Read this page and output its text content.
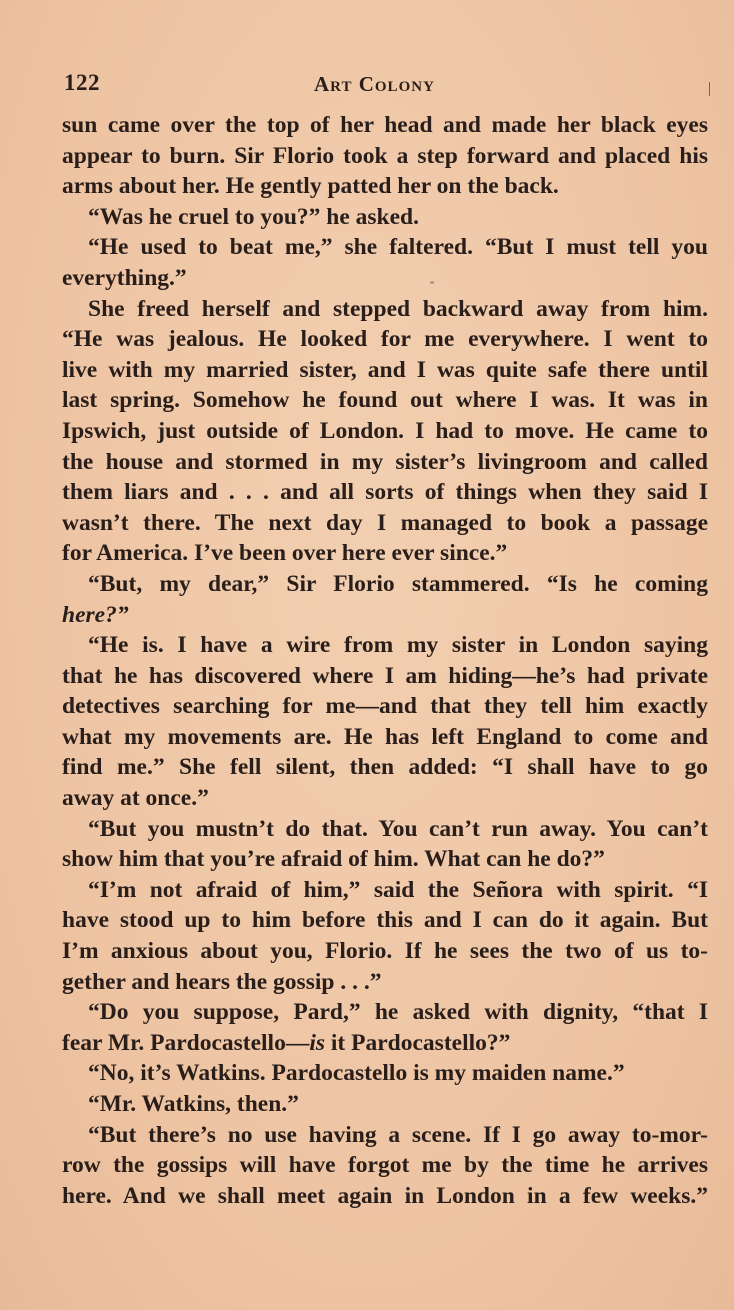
122	Art Colony
sun came over the top of her head and made her black eyes
appear to burn. Sir Florio took a step forward and placed his
arms about her. He gently patted her on the back.
“Was he cruel to you?” he asked.
“He used to beat me,” she faltered. “But I must tell you
everything.”
She freed herself and stepped backward away from him.
“He was jealous. He looked for me everywhere. I went to
live with my married sister, and I was quite safe there until
last spring. Somehow he found out where I was. It was in
Ipswich, just outside of London. I had to move. He came to
the house and stormed in my sister’s livingroom and called
them liars and . . . and all sorts of things when they said I
wasn’t there. The next day I managed to book a passage
for America. I’ve been over here ever since.”
“But, my dear,” Sir Florio stammered. “Is he coming
here?”
“He is. I have a wire from my sister in London saying
that he has discovered where I am hiding—he’s had private
detectives searching for me—and that they tell him exactly
what my movements are. He has left England to come and
find me.” She fell silent, then added: “I shall have to go
away at once.”
“But you mustn’t do that. You can’t run away. You can’t
show him that you’re afraid of him. What can he do?”
“I’m not afraid of him,” said the Señora with spirit. “I
have stood up to him before this and I can do it again. But
I’m anxious about you, Florio. If he sees the two of us to-
gether and hears the gossip . . .”
“Do you suppose, Pard,” he asked with dignity, “that I
fear Mr. Pardocastello—is it Pardocastello?”
“No, it’s Watkins. Pardocastello is my maiden name.”
“Mr. Watkins, then.”
“But there’s no use having a scene. If I go away to-mor-
row the gossips will have forgot me by the time he arrives
here. And we shall meet again in London in a few weeks.”
